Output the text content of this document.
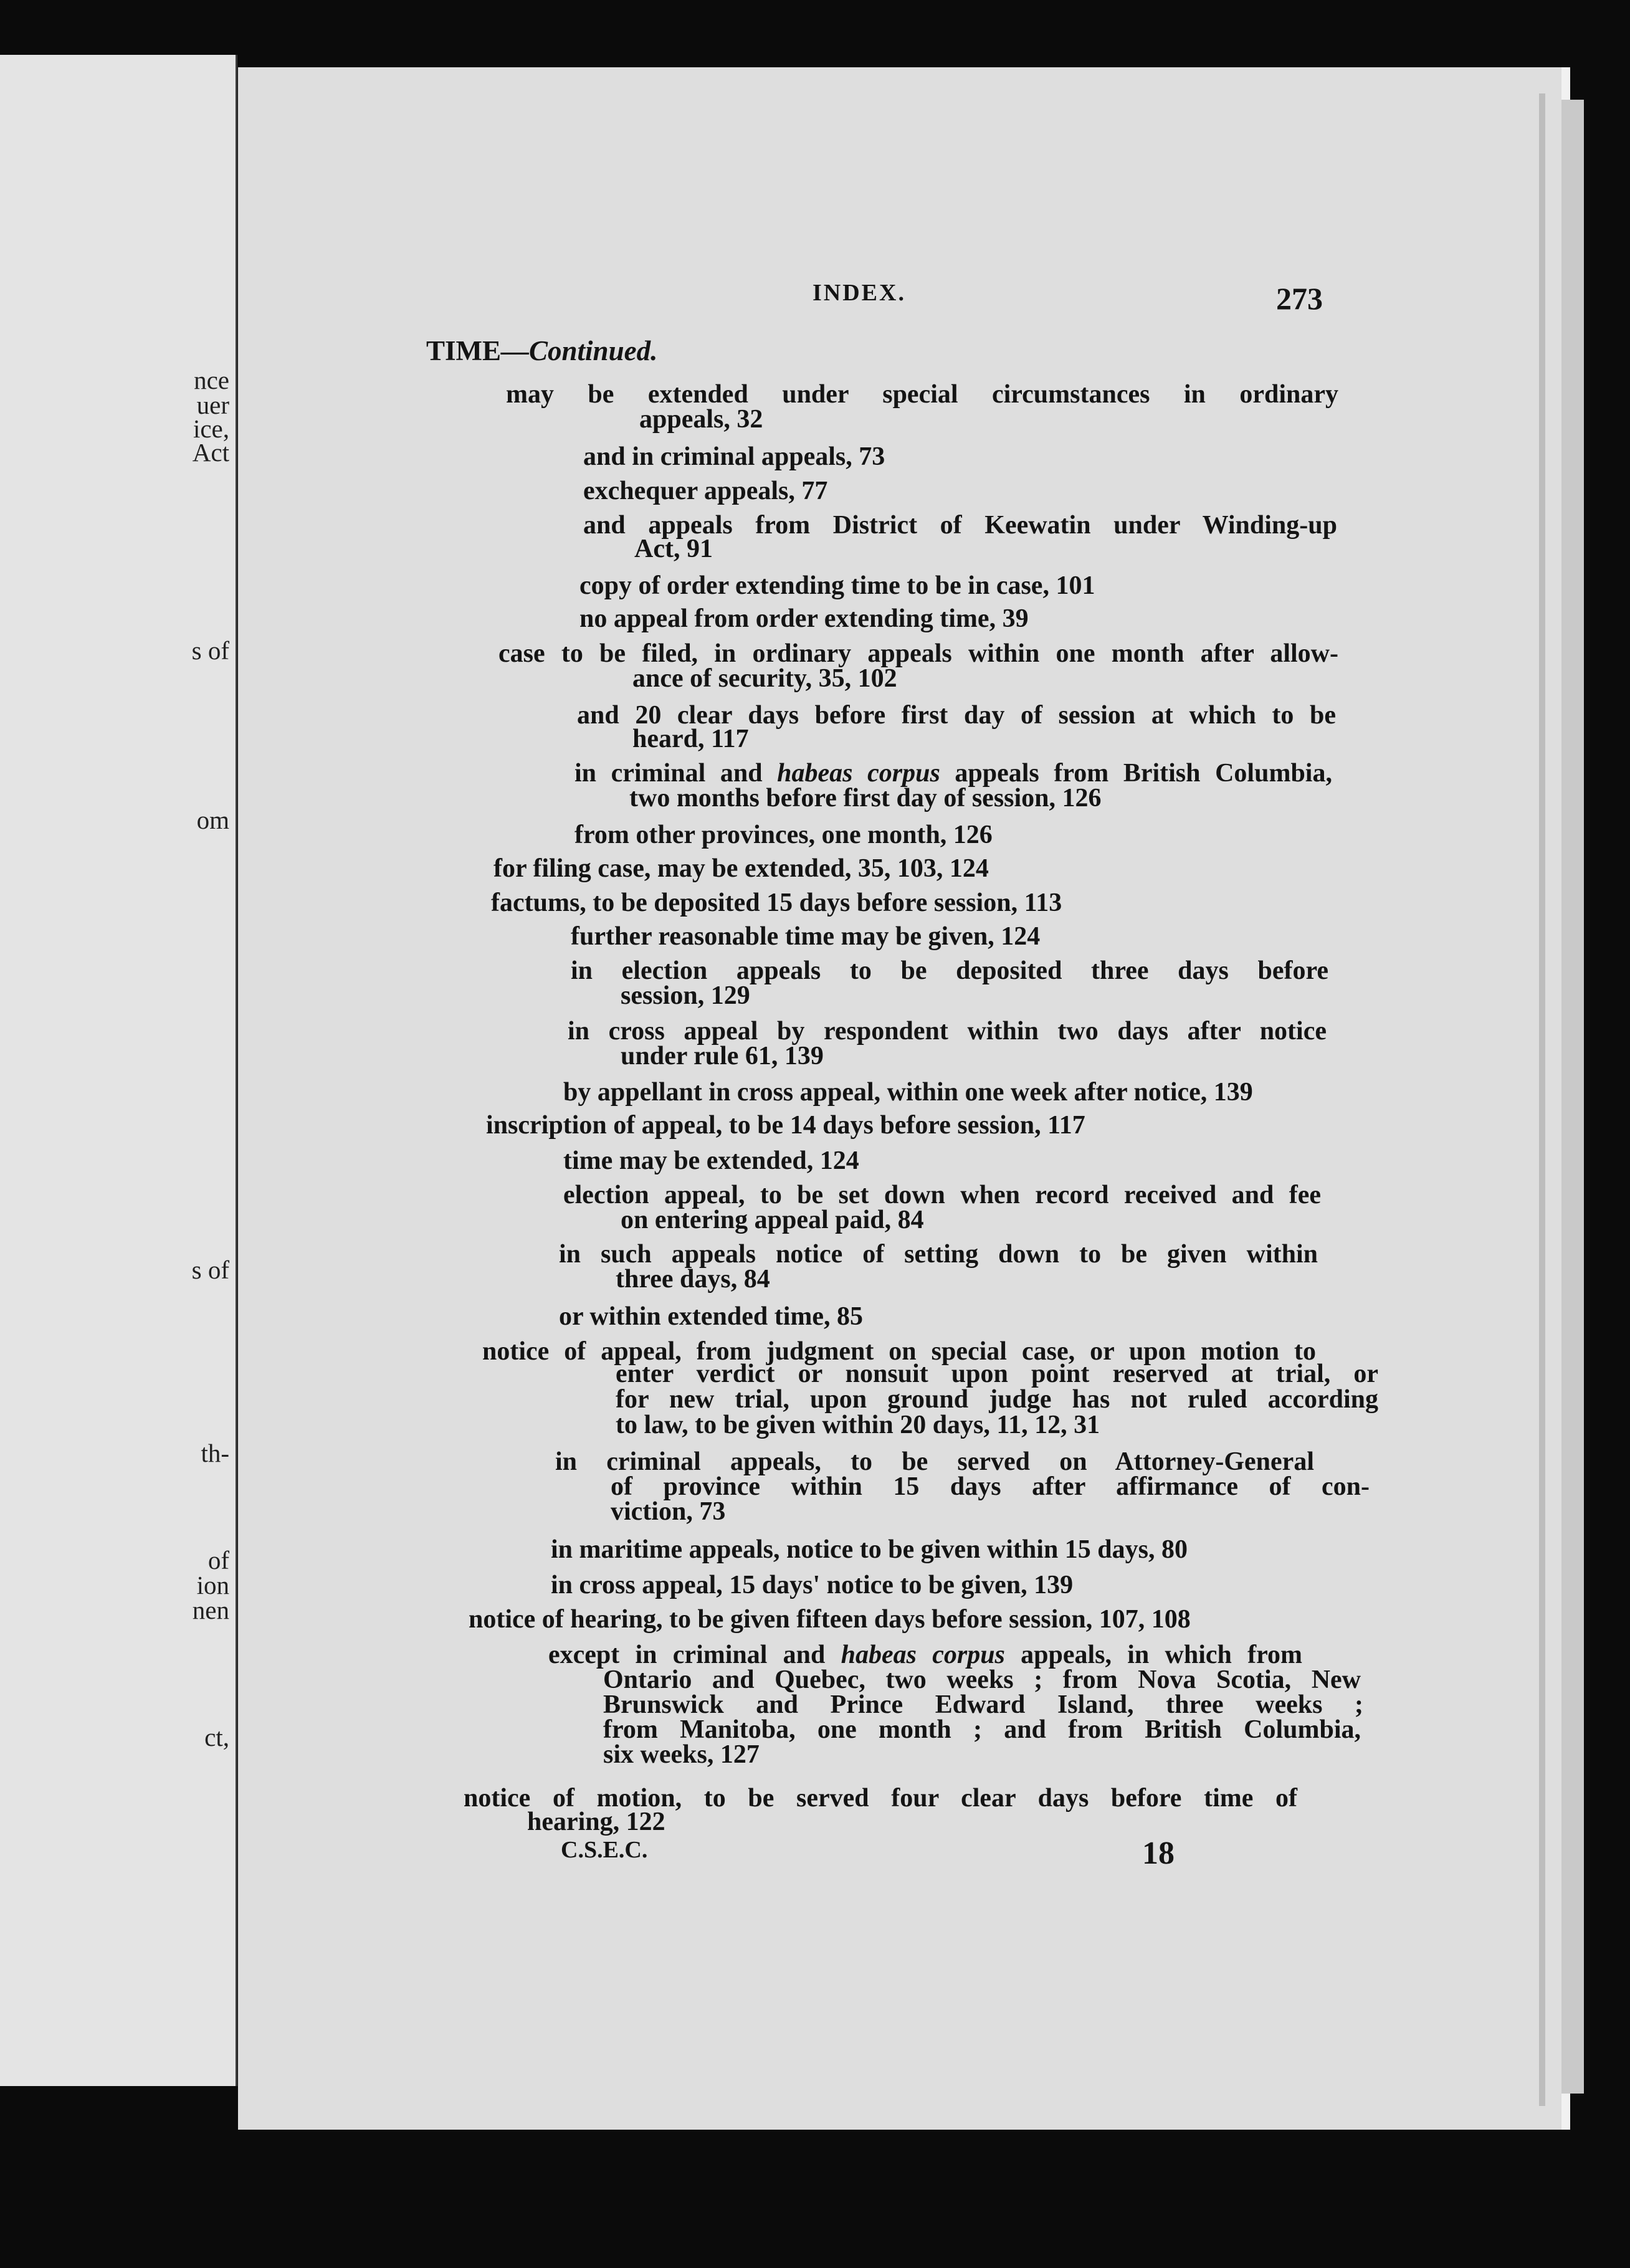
nce
uer
ice,
Act
s of
om
s of
th-
of
ion
nen
ct,
INDEX.	273
TIME—Continued.
may be extended under special circumstances in ordinary
appeals, 32
and in criminal appeals, 73
exchequer appeals, 77
and appeals from District of Keewatin under Winding-up
Act, 91
copy of order extending time to be in case, 101
no appeal from order extending time, 39
case to be filed, in ordinary appeals within one month after allow-
ance of security, 35, 102
and 20 clear days before first day of session at which to be
heard, 117
in criminal and habeas corpus appeals from British Columbia,
two months before first day of session, 126
from other provinces, one month, 126
for filing case, may be extended, 35, 103, 124
factums, to be deposited 15 days before session, 113
further reasonable time may be given, 124
in election appeals to be deposited three days before
session, 129
in cross appeal by respondent within two days after notice
under rule 61, 139
by appellant in cross appeal, within one week after notice, 139
inscription of appeal, to be 14 days before session, 117
time may be extended, 124
election appeal, to be set down when record received and fee
on entering appeal paid, 84
in such appeals notice of setting down to be given within
three days, 84
or within extended time, 85
notice of appeal, from judgment on special case, or upon motion to
enter verdict or nonsuit upon point reserved at trial, or
for new trial, upon ground judge has not ruled according
to law, to be given within 20 days, 11, 12, 31
in criminal appeals, to be served on Attorney-General
of province within 15 days after affirmance of con-
viction, 73
in maritime appeals, notice to be given within 15 days, 80
in cross appeal, 15 days' notice to be given, 139
notice of hearing, to be given fifteen days before session, 107, 108
except in criminal and habeas corpus appeals, in which from
Ontario and Quebec, two weeks ; from Nova Scotia, New
Brunswick and Prince Edward Island, three weeks ;
from Manitoba, one month ; and from British Columbia,
six weeks, 127
notice of motion, to be served four clear days before time of
hearing, 122
C.S.E.C.	18
